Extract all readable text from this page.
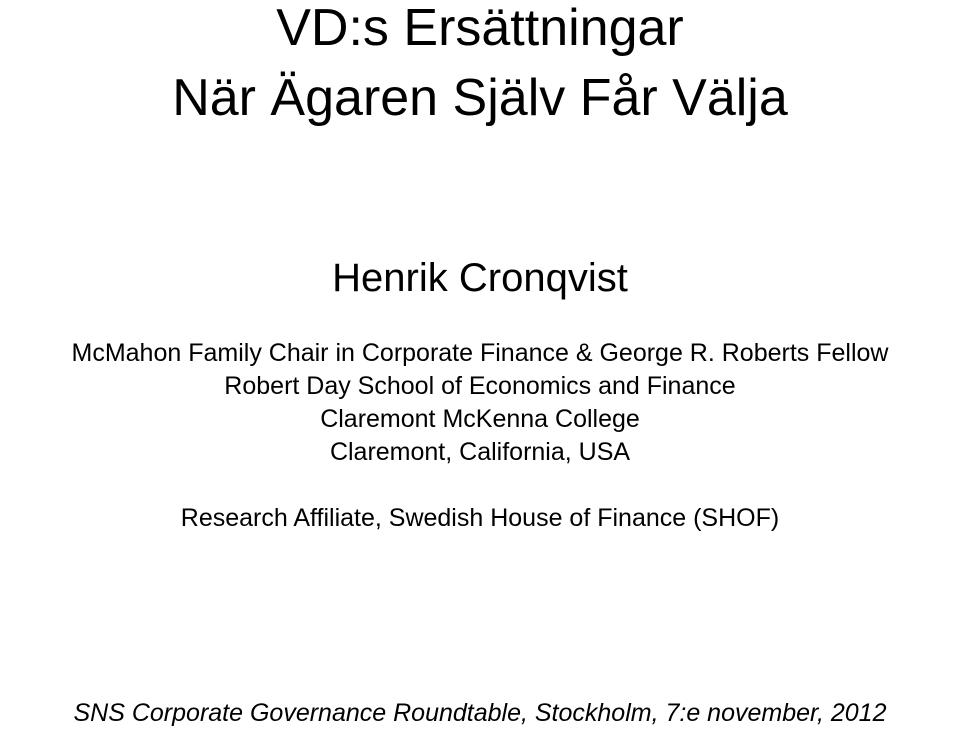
VD:s Ersättningar
När Ägaren Själv Får Välja
Henrik Cronqvist
McMahon Family Chair in Corporate Finance & George R. Roberts Fellow
Robert Day School of Economics and Finance
Claremont McKenna College
Claremont, California, USA
Research Affiliate, Swedish House of Finance (SHOF)
SNS Corporate Governance Roundtable, Stockholm, 7:e november, 2012
